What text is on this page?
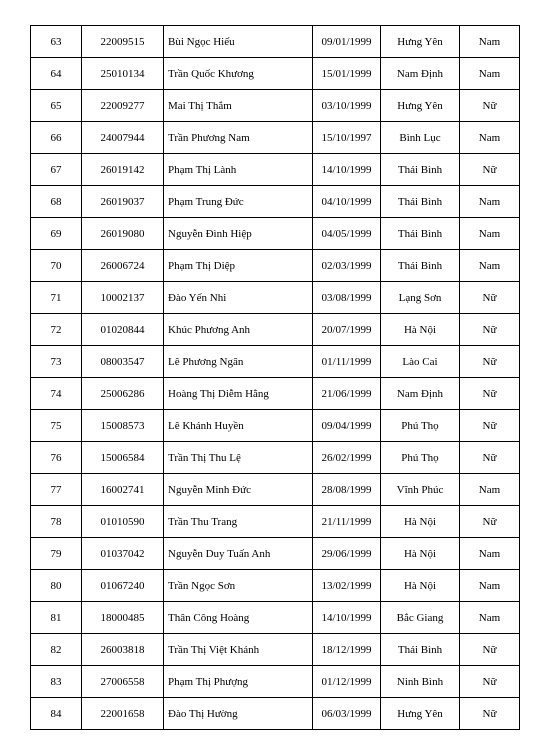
63	22009515	Bùi Ngọc Hiếu	09/01/1999	Hưng Yên	Nam
64	25010134	Trần Quốc Khương	15/01/1999	Nam Định	Nam
65	22009277	Mai Thị Thắm	03/10/1999	Hưng Yên	Nữ
66	24007944	Trần Phương Nam	15/10/1997	Bình Lục	Nam
67	26019142	Phạm Thị Lành	14/10/1999	Thái Bình	Nữ
68	26019037	Phạm Trung Đức	04/10/1999	Thái Bình	Nam
69	26019080	Nguyễn Đình Hiệp	04/05/1999	Thái Bình	Nam
70	26006724	Phạm Thị Diệp	02/03/1999	Thái Bình	Nam
71	10002137	Đào Yến Nhi	03/08/1999	Lạng Sơn	Nữ
72	01020844	Khúc Phương Anh	20/07/1999	Hà Nội	Nữ
73	08003547	Lê Phương Ngân	01/11/1999	Lào Cai	Nữ
74	25006286	Hoàng Thị Diễm Hằng	21/06/1999	Nam Định	Nữ
75	15008573	Lê Khánh Huyền	09/04/1999	Phú Thọ	Nữ
76	15006584	Trần Thị Thu Lệ	26/02/1999	Phú Thọ	Nữ
77	16002741	Nguyễn Minh Đức	28/08/1999	Vĩnh Phúc	Nam
78	01010590	Trần Thu Trang	21/11/1999	Hà Nội	Nữ
79	01037042	Nguyễn Duy Tuấn Anh	29/06/1999	Hà Nội	Nam
80	01067240	Trần Ngọc Sơn	13/02/1999	Hà Nội	Nam
81	18000485	Thân Công Hoàng	14/10/1999	Bắc Giang	Nam
82	26003818	Trần Thị Việt Khánh	18/12/1999	Thái Bình	Nữ
83	27006558	Phạm Thị Phượng	01/12/1999	Ninh Bình	Nữ
84	22001658	Đào Thị Hường	06/03/1999	Hưng Yên	Nữ
